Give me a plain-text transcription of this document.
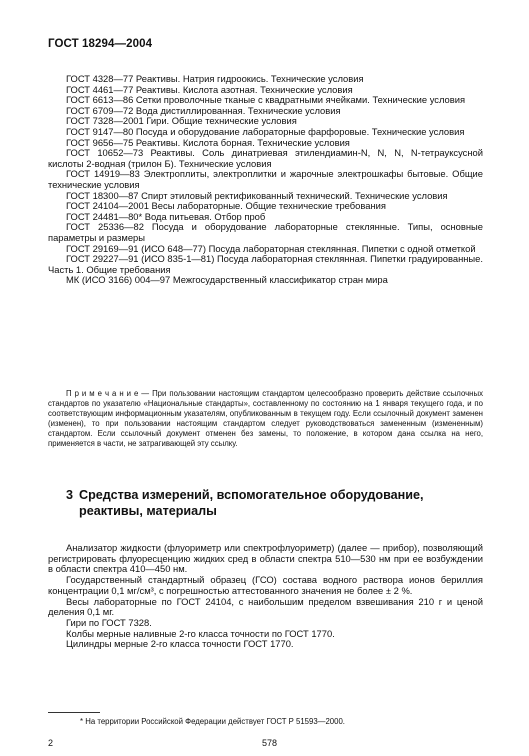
ГОСТ 18294—2004
ГОСТ 4328—77 Реактивы. Натрия гидроокись. Технические условия
ГОСТ 4461—77 Реактивы. Кислота азотная. Технические условия
ГОСТ 6613—86 Сетки проволочные тканые с квадратными ячейками. Технические условия
ГОСТ 6709—72 Вода дистиллированная. Технические условия
ГОСТ 7328—2001 Гири. Общие технические условия
ГОСТ 9147—80 Посуда и оборудование лабораторные фарфоровые. Технические условия
ГОСТ 9656—75 Реактивы. Кислота борная. Технические условия
ГОСТ 10652—73 Реактивы. Соль динатриевая этилендиамин-N, N, N, N-тетрауксусной кислоты 2-водная (трилон Б). Технические условия
ГОСТ 14919—83 Электроплиты, электроплитки и жарочные электрошкафы бытовые. Общие технические условия
ГОСТ 18300—87 Спирт этиловый ректификованный технический. Технические условия
ГОСТ 24104—2001 Весы лабораторные. Общие технические требования
ГОСТ 24481—80* Вода питьевая. Отбор проб
ГОСТ 25336—82 Посуда и оборудование лабораторные стеклянные. Типы, основные параметры и размеры
ГОСТ 29169—91 (ИСО 648—77) Посуда лабораторная стеклянная. Пипетки с одной отметкой
ГОСТ 29227—91 (ИСО 835-1—81) Посуда лабораторная стеклянная. Пипетки градуированные. Часть 1. Общие требования
МК (ИСО 3166) 004—97 Межгосударственный классификатор стран мира

П р и м е ч а н и е — При пользовании настоящим стандартом целесообразно проверить действие ссылочных стандартов по указателю «Национальные стандарты», составленному по состоянию на 1 января текущего года, и по соответствующим информационным указателям, опубликованным в текущем году. Если ссылочный документ заменен (изменен), то при пользовании настоящим стандартом следует руководствоваться замененным (измененным) стандартом. Если ссылочный документ отменен без замены, то положение, в котором дана ссылка на него, применяется в части, не затрагивающей эту ссылку.

3 Средства измерений, вспомогательное оборудование, реактивы, материалы

Анализатор жидкости (флуориметр или спектрофлуориметр) (далее — прибор), позволяющий регистрировать флуоресценцию жидких сред в области спектра 510—530 нм при ее возбуждении в области спектра 410—450 нм.

Государственный стандартный образец (ГСО) состава водного раствора ионов бериллия концентрации 0,1 мг/см³, с погрешностью аттестованного значения не более ± 2 %.

Весы лабораторные по ГОСТ 24104, с наибольшим пределом взвешивания 210 г и ценой деления 0,1 мг.

Гири по ГОСТ 7328.

Колбы мерные наливные 2-го класса точности по ГОСТ 1770.

Цилиндры мерные 2-го класса точности ГОСТ 1770.

* На территории Российской Федерации действует ГОСТ Р 51593—2000.
2	578
